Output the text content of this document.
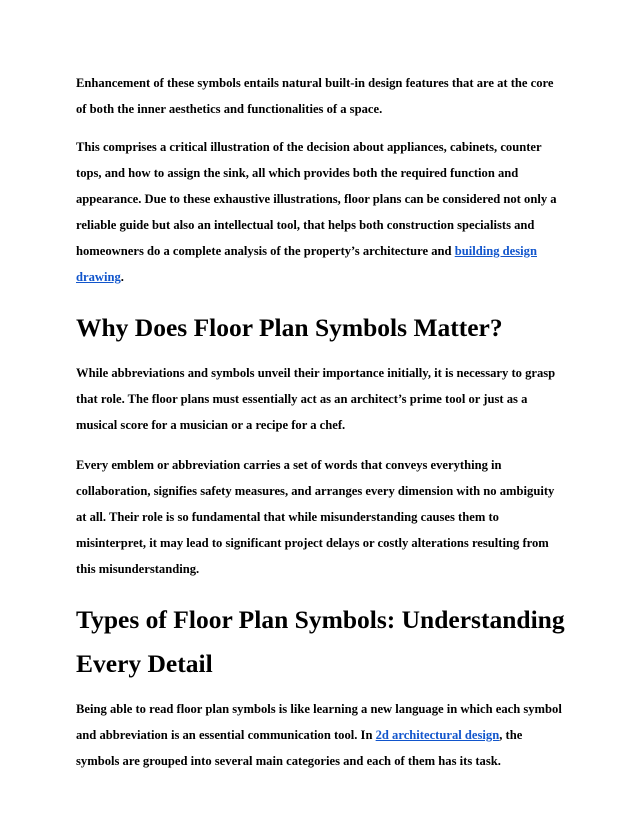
Enhancement of these symbols entails natural built-in design features that are at the core of both the inner aesthetics and functionalities of a space.

This comprises a critical illustration of the decision about appliances, cabinets, counter tops, and how to assign the sink, all which provides both the required function and appearance. Due to these exhaustive illustrations, floor plans can be considered not only a reliable guide but also an intellectual tool, that helps both construction specialists and homeowners do a complete analysis of the property’s architecture and building design drawing.

Why Does Floor Plan Symbols Matter?

While abbreviations and symbols unveil their importance initially, it is necessary to grasp that role. The floor plans must essentially act as an architect’s prime tool or just as a musical score for a musician or a recipe for a chef.

Every emblem or abbreviation carries a set of words that conveys everything in collaboration, signifies safety measures, and arranges every dimension with no ambiguity at all. Their role is so fundamental that while misunderstanding causes them to misinterpret, it may lead to significant project delays or costly alterations resulting from this misunderstanding.

Types of Floor Plan Symbols: Understanding Every Detail

Being able to read floor plan symbols is like learning a new language in which each symbol and abbreviation is an essential communication tool. In 2d architectural design, the symbols are grouped into several main categories and each of them has its task.
